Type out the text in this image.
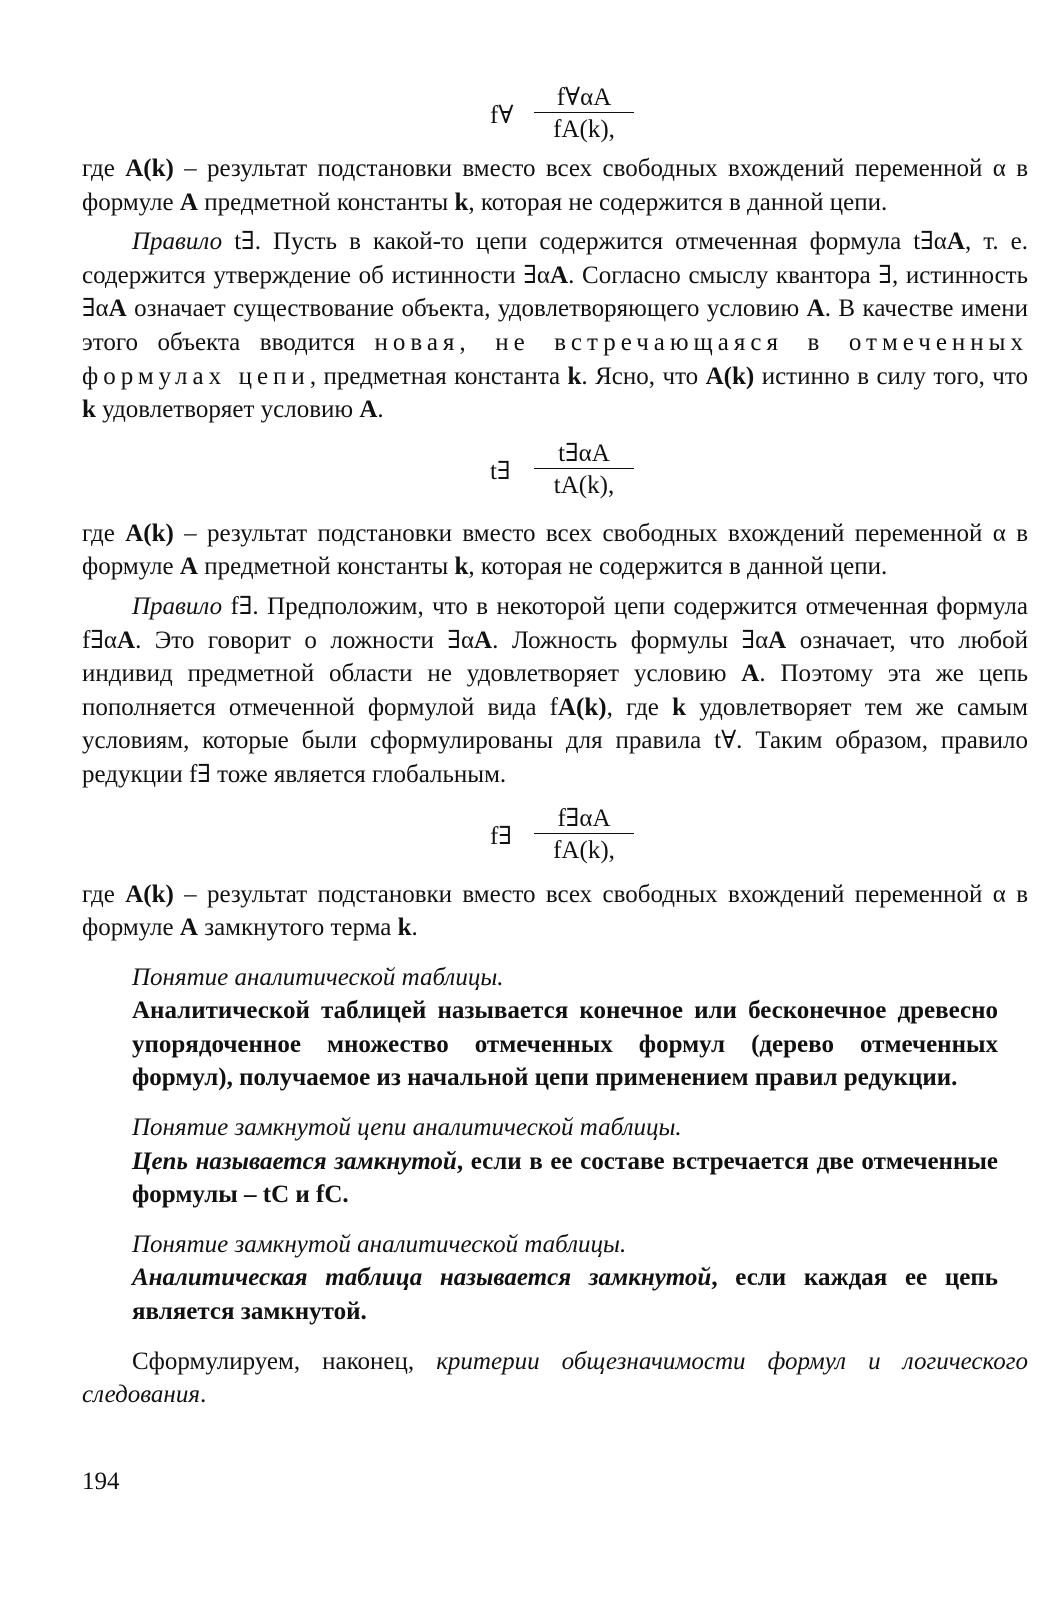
f∀ $\frac{f\forall\alpha A}{fA(k),}$

где A(k) – результат подстановки вместо всех свободных вхождений переменной α в формуле A предметной константы k, которая не содержится в данной цепи.

Правило t∃. Пусть в какой-то цепи содержится отмеченная формула t∃αA, т. е. содержится утверждение об истинности ∃αA. Согласно смыслу квантора ∃, истинность ∃αA означает существование объекта, удовлетворяющего условию A. В качестве имени этого объекта вводится новая, не встречающаяся в отмеченных формулах цепи, предметная константа k. Ясно, что A(k) истинно в силу того, что k удовлетворяет условию A.

t∃ $\frac{t\exists\alpha A}{tA(k),}$

где A(k) – результат подстановки вместо всех свободных вхождений переменной α в формуле A предметной константы k, которая не содержится в данной цепи.

Правило f∃. Предположим, что в некоторой цепи содержится отмеченная формула f∃αA. Это говорит о ложности ∃αA. Ложность формулы ∃αA означает, что любой индивид предметной области не удовлетворяет условию A. Поэтому эта же цепь пополняется отмеченной формулой вида fA(k), где k удовлетворяет тем же самым условиям, которые были сформулированы для правила t∀. Таким образом, правило редукции f∃ тоже является глобальным.

f∃ $\frac{f\exists\alpha A}{fA(k),}$

где A(k) – результат подстановки вместо всех свободных вхождений переменной α в формуле A замкнутого терма k.

Понятие аналитической таблицы.

Аналитической таблицей называется конечное или бесконечное древесно упорядоченное множество отмеченных формул (дерево отмеченных формул), получаемое из начальной цепи применением правил редукции.

Понятие замкнутой цепи аналитической таблицы.

Цепь называется замкнутой, если в ее составе встречается две отмеченные формулы – tC и fC.

Понятие замкнутой аналитической таблицы.

Аналитическая таблица называется замкнутой, если каждая ее цепь является замкнутой.

Сформулируем, наконец, критерии общезначимости формул и логического следования.

194
